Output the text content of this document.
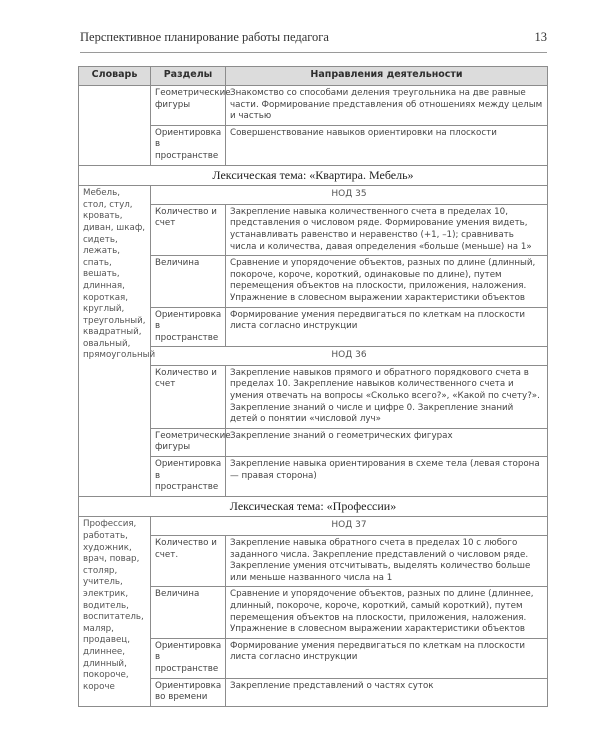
Перспективное планирование работы педагога	13
Словарь	Разделы	Направления деятельности
	Геометрические фигуры	Знакомство со способами деления треугольника на две равные части. Формирование представления об отношениях между целым и частью
	Ориентировка в пространстве	Совершенствование навыков ориентировки на плоскости
Лексическая тема: «Квартира. Мебель»		
Мебель, стол, стул, кровать, диван, шкаф, сидеть, лежать, спать, вешать, длинная, короткая, круглый, треугольный, квадратный, овальный, прямоугольный	НОД 35	
	Количество и счет	Закрепление навыка количественного счета в пределах 10, представления о числовом ряде. Формирование умения видеть, устанавливать равенство и неравенство (+1, –1); сравнивать числа и количества, давая определения «больше (меньше) на 1»
	Величина	Сравнение и упорядочение объектов, разных по длине (длинный, покороче, короче, короткий, одинаковые по длине), путем перемещения объектов на плоскости, приложения, наложения. Упражнение в словесном выражении характеристики объектов
	Ориентировка в пространстве	Формирование умения передвигаться по клеткам на плоскости листа согласно инструкции
	НОД 36	
	Количество и счет	Закрепление навыков прямого и обратного порядкового счета в пределах 10. Закрепление навыков количественного счета и умения отвечать на вопросы «Сколько всего?», «Какой по счету?». Закрепление знаний о числе и цифре 0. Закрепление знаний детей о понятии «числовой луч»
	Геометрические фигуры	Закрепление знаний о геометрических фигурах
	Ориентировка в пространстве	Закрепление навыка ориентирования в схеме тела (левая сторона — правая сторона)
Лексическая тема: «Профессии»		
Профессия, работать, художник, врач, повар, столяр, учитель, электрик, водитель, воспитатель, маляр, продавец, длиннее, длинный, покороче, короче	НОД 37	
	Количество и счет.	Закрепление навыка обратного счета в пределах 10 с любого заданного числа. Закрепление представлений о числовом ряде. Закрепление умения отсчитывать, выделять количество больше или меньше названного числа на 1
	Величина	Сравнение и упорядочение объектов, разных по длине (длиннее, длинный, покороче, короче, короткий, самый короткий), путем перемещения объектов на плоскости, приложения, наложения. Упражнение в словесном выражении характеристики объектов
	Ориентировка в пространстве	Формирование умения передвигаться по клеткам на плоскости листа согласно инструкции
	Ориентировка во времени	Закрепление представлений о частях суток
